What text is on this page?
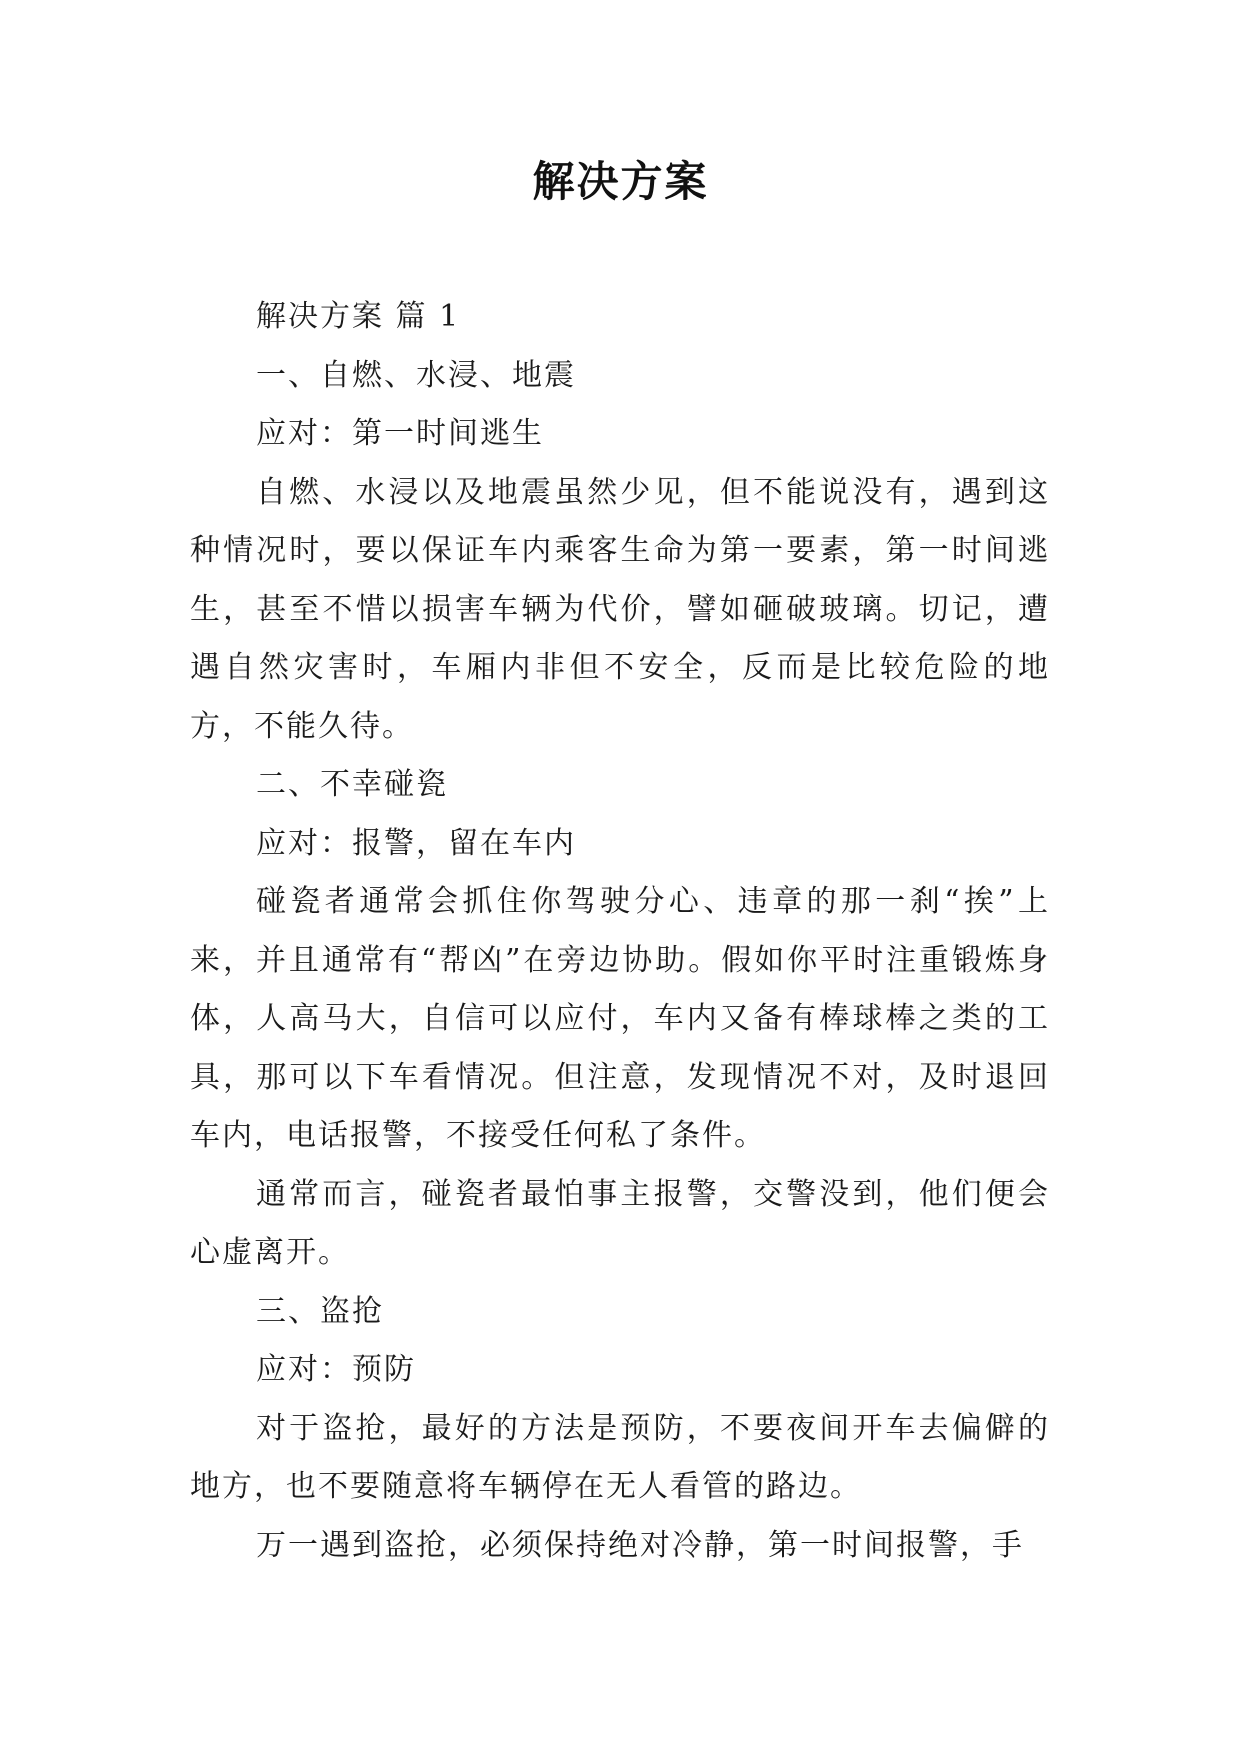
解决方案

解决方案 篇 1

一、自燃、水浸、地震

应对：第一时间逃生

自燃、水浸以及地震虽然少见，但不能说没有，遇到这种情况时，要以保证车内乘客生命为第一要素，第一时间逃生，甚至不惜以损害车辆为代价，譬如砸破玻璃。切记，遭遇自然灾害时，车厢内非但不安全，反而是比较危险的地方，不能久待。

二、不幸碰瓷

应对：报警，留在车内

碰瓷者通常会抓住你驾驶分心、违章的那一刹“挨”上来，并且通常有“帮凶”在旁边协助。假如你平时注重锻炼身体，人高马大，自信可以应付，车内又备有棒球棒之类的工具，那可以下车看情况。但注意，发现情况不对，及时退回车内，电话报警，不接受任何私了条件。

通常而言，碰瓷者最怕事主报警，交警没到，他们便会心虚离开。

三、盗抢

应对：预防

对于盗抢，最好的方法是预防，不要夜间开车去偏僻的地方，也不要随意将车辆停在无人看管的路边。

万一遇到盗抢，必须保持绝对冷静，第一时间报警，手
